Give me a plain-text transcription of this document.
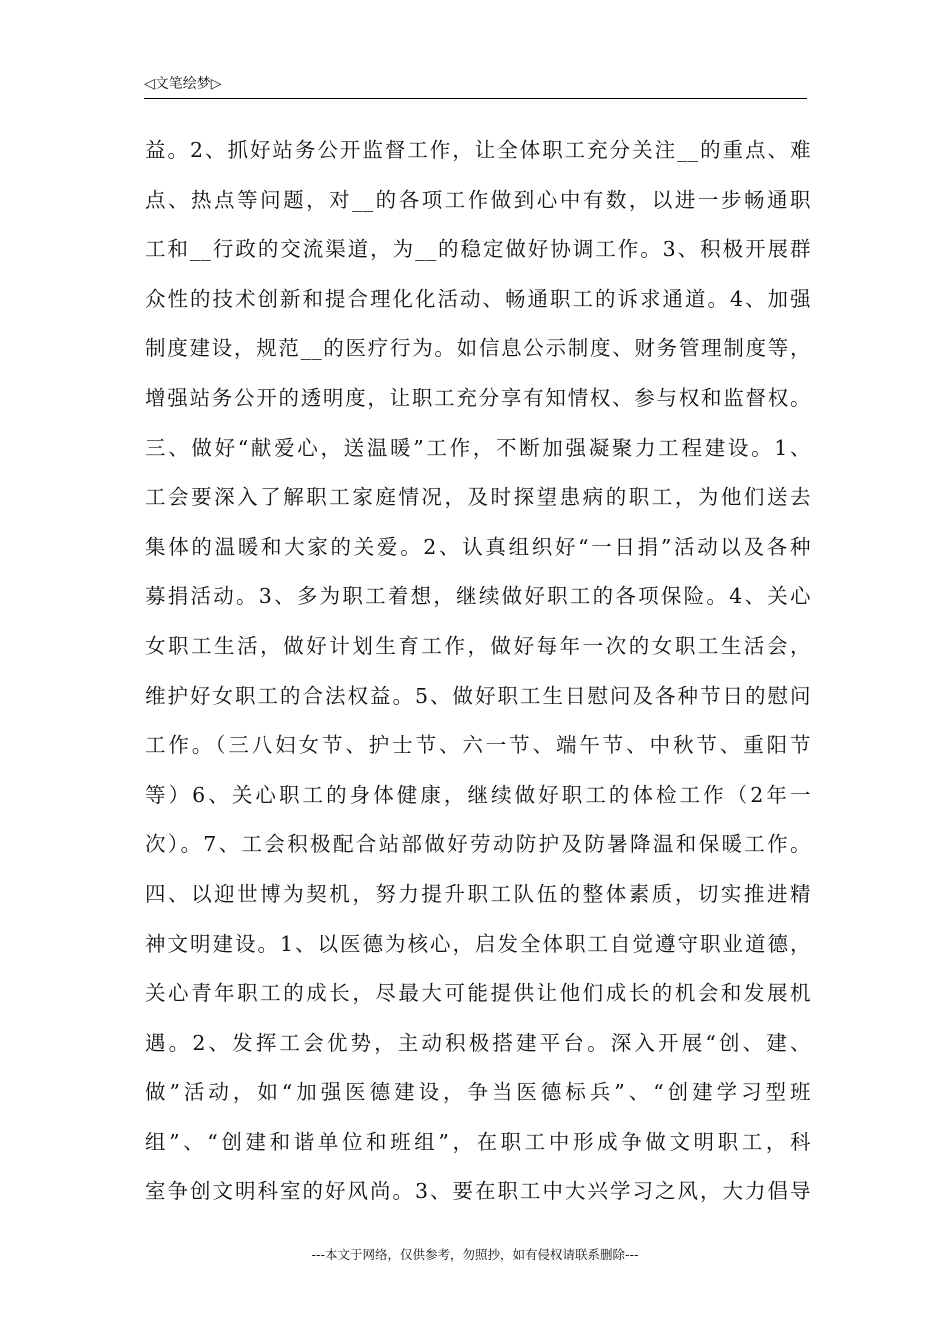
◁文笔绘梦▷
益。2、抓好站务公开监督工作，让全体职工充分关注__的重点、难
点、热点等问题，对__的各项工作做到心中有数，以进一步畅通职
工和__行政的交流渠道，为__的稳定做好协调工作。3、积极开展群
众性的技术创新和提合理化化活动、畅通职工的诉求通道。4、加强
制度建设，规范__的医疗行为。如信息公示制度、财务管理制度等，
增强站务公开的透明度，让职工充分享有知情权、参与权和监督权。
三、做好“献爱心，送温暖”工作，不断加强凝聚力工程建设。1、
工会要深入了解职工家庭情况，及时探望患病的职工，为他们送去
集体的温暖和大家的关爱。2、认真组织好“一日捐”活动以及各种
募捐活动。3、多为职工着想，继续做好职工的各项保险。4、关心
女职工生活，做好计划生育工作，做好每年一次的女职工生活会，
维护好女职工的合法权益。5、做好职工生日慰问及各种节日的慰问
工作。（三八妇女节、护士节、六一节、端午节、中秋节、重阳节
等）6、关心职工的身体健康，继续做好职工的体检工作（2年一
次）。7、工会积极配合站部做好劳动防护及防暑降温和保暖工作。
四、以迎世博为契机，努力提升职工队伍的整体素质，切实推进精
神文明建设。1、以医德为核心，启发全体职工自觉遵守职业道德，
关心青年职工的成长，尽最大可能提供让他们成长的机会和发展机
遇。2、发挥工会优势，主动积极搭建平台。深入开展“创、建、
做”活动，如“加强医德建设，争当医德标兵”、“创建学习型班
组”、“创建和谐单位和班组”，在职工中形成争做文明职工，科
室争创文明科室的好风尚。3、要在职工中大兴学习之风，大力倡导
---本文于网络，仅供参考，勿照抄，如有侵权请联系删除---
